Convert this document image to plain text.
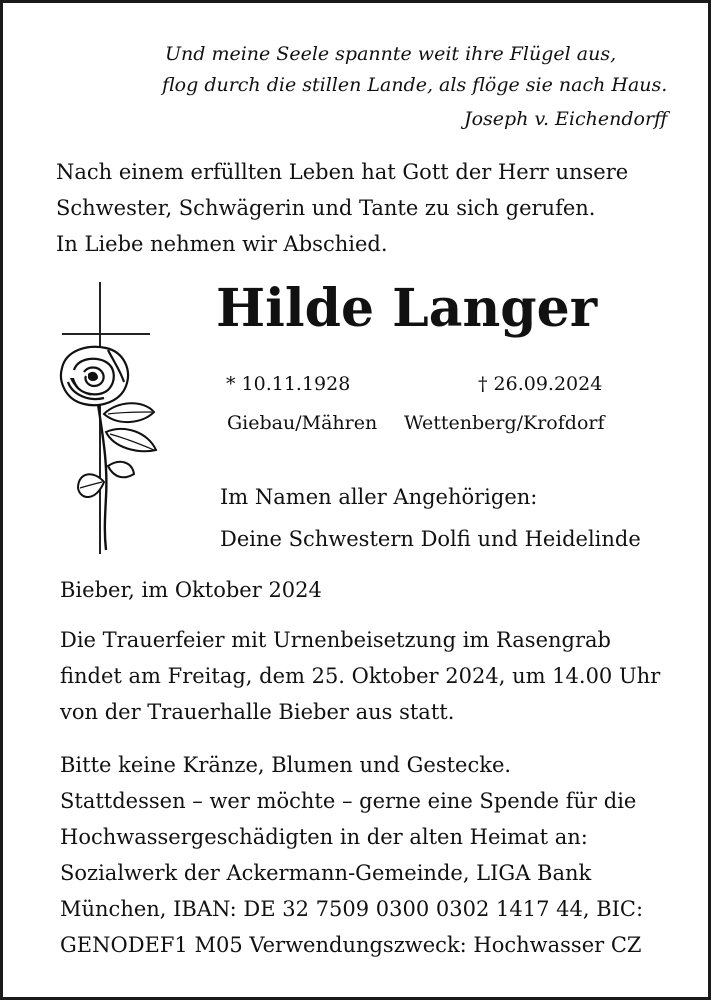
Und meine Seele spannte weit ihre Flügel aus,
flog durch die stillen Lande, als flöge sie nach Haus.
Joseph v. Eichendorff
Nach einem erfüllten Leben hat Gott der Herr unsere
Schwester, Schwägerin und Tante zu sich gerufen.
In Liebe nehmen wir Abschied.
Hilde Langer
* 10.11.1928	† 26.09.2024
Giebau/Mähren Wettenberg/Krofdorf
Im Namen aller Angehörigen:
Deine Schwestern Dolfi und Heidelinde
Bieber, im Oktober 2024
Die Trauerfeier mit Urnenbeisetzung im Rasengrab
findet am Freitag, dem 25. Oktober 2024, um 14.00 Uhr
von der Trauerhalle Bieber aus statt.
Bitte keine Kränze, Blumen und Gestecke.
Stattdessen – wer möchte – gerne eine Spende für die
Hochwassergeschädigten in der alten Heimat an:
Sozialwerk der Ackermann-Gemeinde, LIGA Bank
München, IBAN: DE 32 7509 0300 0302 1417 44, BIC:
GENODEF1 M05 Verwendungszweck: Hochwasser CZ
